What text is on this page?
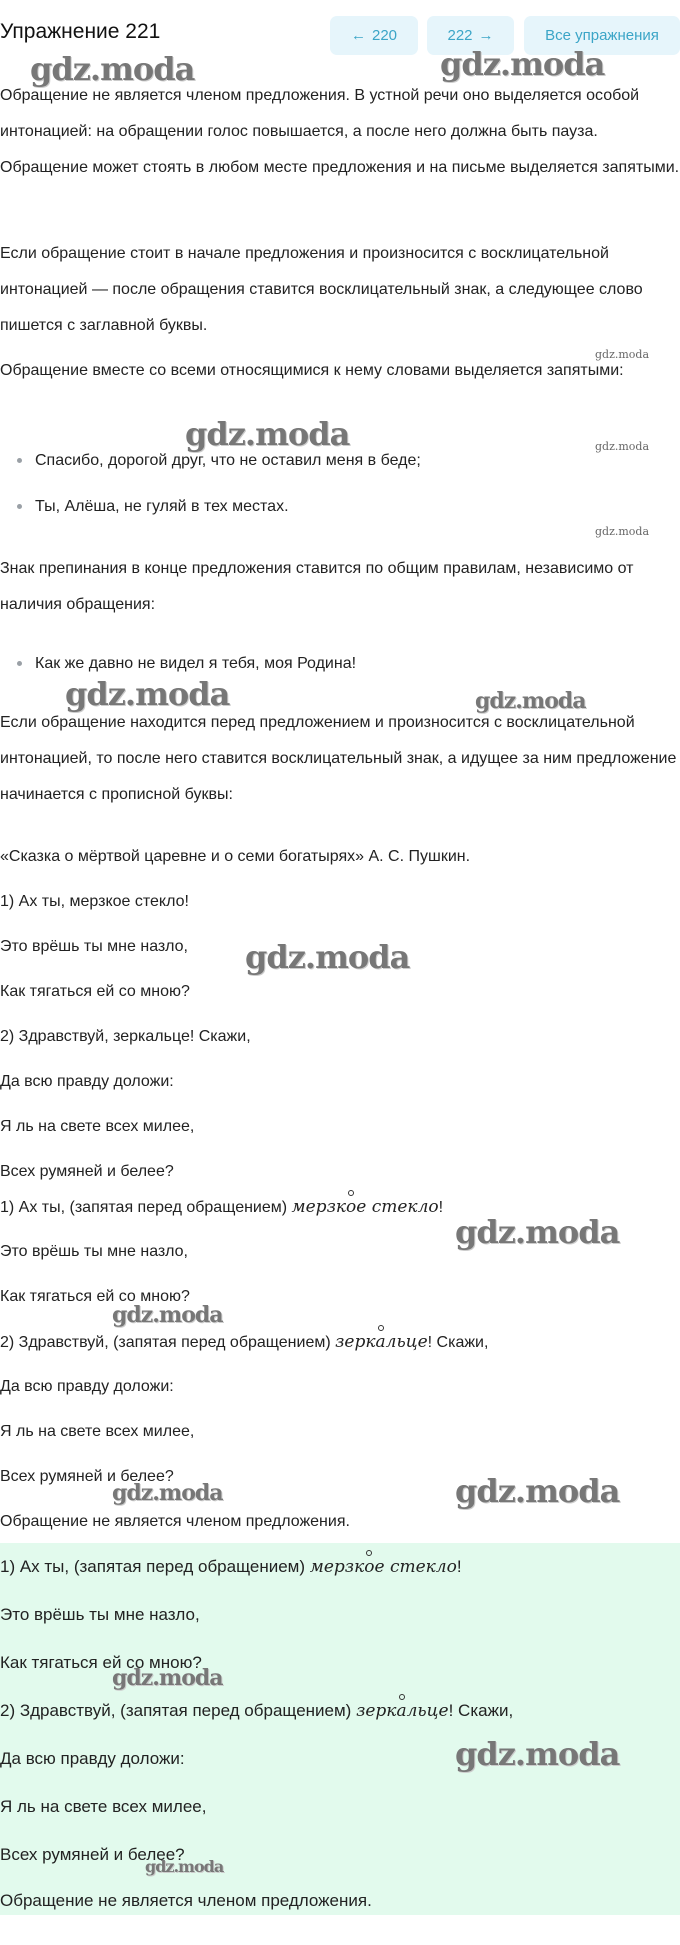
Упражнение 221	← 220	222 →	Все упражнения

Обращение не является членом предложения. В устной речи оно выделяется особой интонацией: на обращении голос повышается, а после него должна быть пауза. Обращение может стоять в любом месте предложения и на письме выделяется запятыми.

Если обращение стоит в начале предложения и произносится с восклицательной интонацией — после обращения ставится восклицательный знак, а следующее слово пишется с заглавной буквы.

Обращение вместе со всеми относящимися к нему словами выделяется запятыми:

Спасибо, дорогой друг, что не оставил меня в беде;
Ты, Алёша, не гуляй в тех местах.

Знак препинания в конце предложения ставится по общим правилам, независимо от наличия обращения:

Как же давно не видел я тебя, моя Родина!

Если обращение находится перед предложением и произносится с восклицательной интонацией, то после него ставится восклицательный знак, а идущее за ним предложение начинается с прописной буквы:

«Сказка о мёртвой царевне и о семи богатырях» А. С. Пушкин.
1) Ах ты, мерзкое стекло!
Это врёшь ты мне назло,
Как тягаться ей со мною?
2) Здравствуй, зеркальце! Скажи,
Да всю правду доложи:
Я ль на свете всех милее,
Всех румяней и белее?
1) Ах ты, (запятая перед обращением) мерзкое стекло!
Это врёшь ты мне назло,
Как тягаться ей со мною?
2) Здравствуй, (запятая перед обращением) зеркальце! Скажи,
Да всю правду доложи:
Я ль на свете всех милее,
Всех румяней и белее?
Обращение не является членом предложения.
1) Ах ты, (запятая перед обращением) мерзкое стекло!
Это врёшь ты мне назло,
Как тягаться ей со мною?
2) Здравствуй, (запятая перед обращением) зеркальце! Скажи,
Да всю правду доложи:
Я ль на свете всех милее,
Всех румяней и белее?
Обращение не является членом предложения.
gdz.moda	gdz.moda
gdz.moda
gdz.moda	gdz.moda
gdz.moda
gdz.moda	gdz.moda
gdz.moda
gdz.moda
gdz.moda
gdz.moda	gdz.moda
gdz.moda
gdz.moda
gdz.moda
